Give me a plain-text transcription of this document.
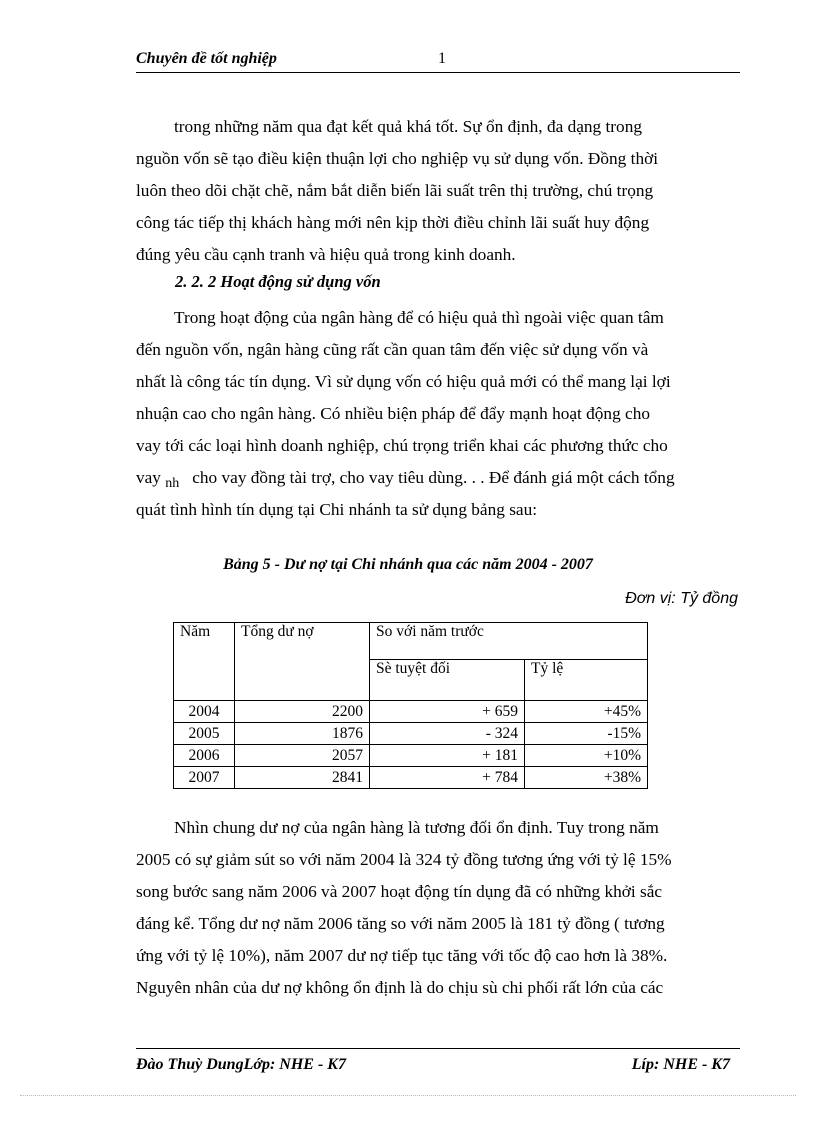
Chuyên đề tốt nghiệp	1

trong những năm qua đạt kết quả khá tốt. Sự ổn định, đa dạng trong
nguồn vốn sẽ tạo điều kiện thuận lợi cho nghiệp vụ sử dụng vốn. Đồng thời
luôn theo dõi chặt chẽ, nắm bắt diễn biến lãi suất trên thị trường, chú trọng
công tác tiếp thị khách hàng mới nên kịp thời điều chỉnh lãi suất huy động
đúng yêu cầu cạnh tranh và hiệu quả trong kinh doanh.

2. 2. 2 Hoạt động sử dụng vốn

Trong hoạt động của ngân hàng để có hiệu quả thì ngoài việc quan tâm
đến nguồn vốn, ngân hàng cũng rất cần quan tâm đến việc sử dụng vốn và
nhất là công tác tín dụng. Vì sử dụng vốn có hiệu quả mới có thể mang lại lợi
nhuận cao cho ngân hàng. Có nhiều biện pháp để đẩy mạnh hoạt động cho
vay tới các loại hình doanh nghiệp, chú trọng triển khai các phương thức cho
vay $_{nh}$ cho vay đồng tài trợ, cho vay tiêu dùng. . . Để đánh giá một cách tổng
quát tình hình tín dụng tại Chi nhánh ta sử dụng bảng sau:

Bảng 5 - Dư nợ tại Chi nhánh qua các năm 2004 - 2007
Đơn vị: Tỷ đồng
Năm	Tổng dư nợ	So với năm trước	
		Sè tuyệt đối	Tỷ lệ
2004	2200	+ 659	+45%
2005	1876	- 324	-15%
2006	2057	+ 181	+10%
2007	2841	+ 784	+38%

Nhìn chung dư nợ của ngân hàng là tương đối ổn định. Tuy trong năm
2005 có sự giảm sút so với năm 2004 là 324 tỷ đồng tương ứng với tỷ lệ 15%
song bước sang năm 2006 và 2007 hoạt động tín dụng đã có những khởi sắc
đáng kể. Tổng dư nợ năm 2006 tăng so với năm 2005 là 181 tỷ đồng ( tương
ứng với tỷ lệ 10%), năm 2007 dư nợ tiếp tục tăng với tốc độ cao hơn là 38%.
Nguyên nhân của dư nợ không ổn định là do chịu sù chi phối rất lớn của các

Đào Thuỳ DungLớp: NHE - K7	Líp: NHE - K7
